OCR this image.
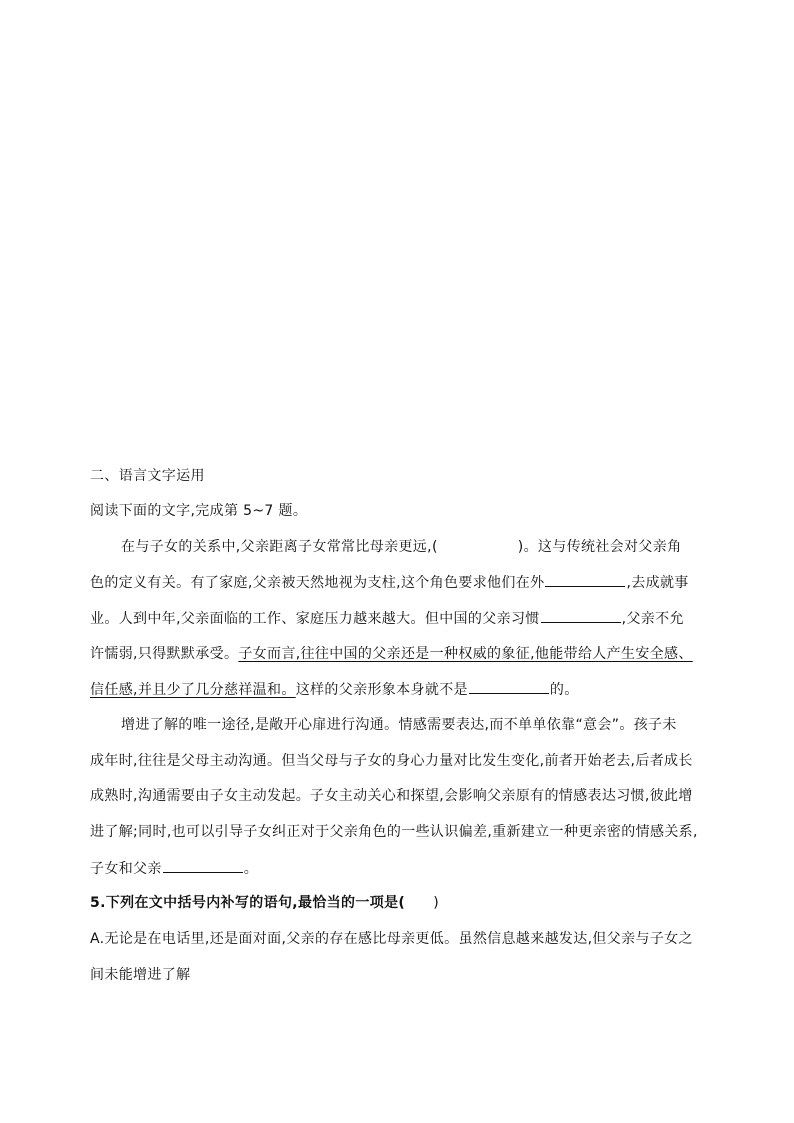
二、语言文字运用
阅读下面的文字,完成第 5~7 题。
在与子女的关系中,父亲距离子女常常比母亲更远,(	)。这与传统社会对父亲角
色的定义有关。有了家庭,父亲被天然地视为支柱,这个角色要求他们在外	,去成就事
业。人到中年,父亲面临的工作、家庭压力越来越大。但中国的父亲习惯	,父亲不允
许懦弱,只得默默承受。子女而言,往往中国的父亲还是一种权威的象征,他能带给人产生安全感、
信任感,并且少了几分慈祥温和。这样的父亲形象本身就不是	的。
增进了解的唯一途径,是敞开心扉进行沟通。情感需要表达,而不单单依靠“意会”。孩子未
成年时,往往是父母主动沟通。但当父母与子女的身心力量对比发生变化,前者开始老去,后者成长
成熟时,沟通需要由子女主动发起。子女主动关心和探望,会影响父亲原有的情感表达习惯,彼此增
进了解;同时,也可以引导子女纠正对于父亲角色的一些认识偏差,重新建立一种更亲密的情感关系,
子女和父亲	。
5.下列在文中括号内补写的语句,最恰当的一项是( )
A.无论是在电话里,还是面对面,父亲的存在感比母亲更低。虽然信息越来越发达,但父亲与子女之
间未能增进了解
